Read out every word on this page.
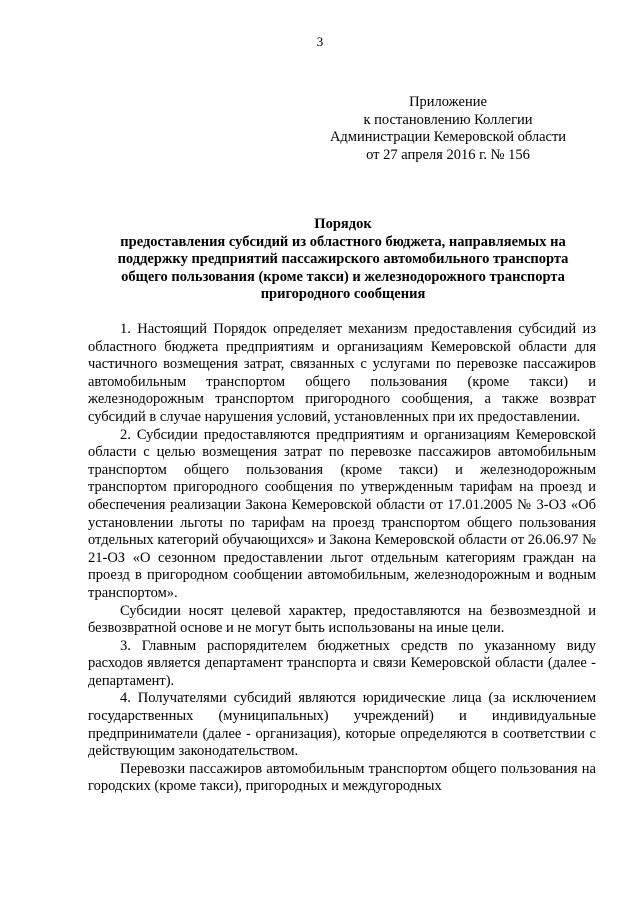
3
Приложение
к постановлению Коллегии
Администрации Кемеровской области
от 27 апреля 2016 г. № 156
Порядок
предоставления субсидий из областного бюджета, направляемых на
поддержку предприятий пассажирского автомобильного транспорта
общего пользования (кроме такси) и железнодорожного транспорта
пригородного сообщения

1. Настоящий Порядок определяет механизм предоставления субсидий из областного бюджета предприятиям и организациям Кемеровской области для частичного возмещения затрат, связанных с услугами по перевозке пассажиров автомобильным транспортом общего пользования (кроме такси) и железнодорожным транспортом пригородного сообщения, а также возврат субсидий в случае нарушения условий, установленных при их предоставлении.

2. Субсидии предоставляются предприятиям и организациям Кемеровской области с целью возмещения затрат по перевозке пассажиров автомобильным транспортом общего пользования (кроме такси) и железнодорожным транспортом пригородного сообщения по утвержденным тарифам на проезд и обеспечения реализации Закона Кемеровской области от 17.01.2005 № 3-ОЗ «Об установлении льготы по тарифам на проезд транспортом общего пользования отдельных категорий обучающихся» и Закона Кемеровской области от 26.06.97 № 21-ОЗ «О сезонном предоставлении льгот отдельным категориям граждан на проезд в пригородном сообщении автомобильным, железнодорожным и водным транспортом».

Субсидии носят целевой характер, предоставляются на безвозмездной и безвозвратной основе и не могут быть использованы на иные цели.

3. Главным распорядителем бюджетных средств по указанному виду расходов является департамент транспорта и связи Кемеровской области (далее - департамент).

4. Получателями субсидий являются юридические лица (за исключением государственных (муниципальных) учреждений) и индивидуальные предприниматели (далее - организация), которые определяются в соответствии с действующим законодательством.

Перевозки пассажиров автомобильным транспортом общего пользования на городских (кроме такси), пригородных и междугородных
